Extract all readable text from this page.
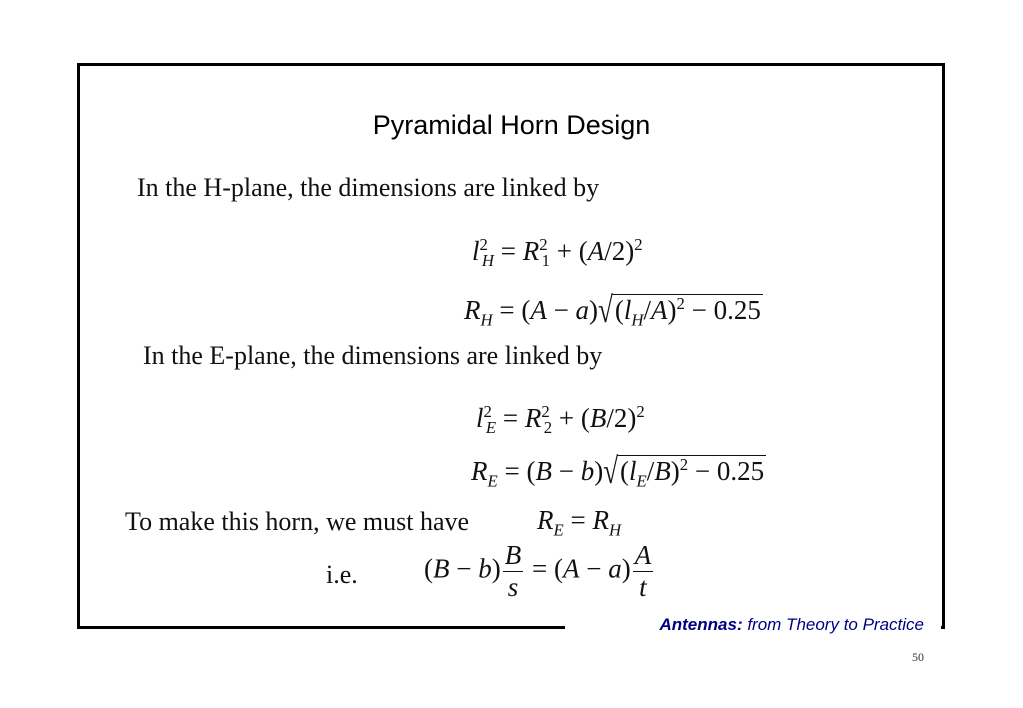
Pyramidal Horn Design
In the H-plane, the dimensions are linked by
$l^2_H = R^2_1 + (A/2)^2$
$R_H = (A - a)√(l_H/A)^2 - 0.25$
In the E-plane, the dimensions are linked by
$l^2_E = R^2_2 + (B/2)^2$
$R_E = (B - b)√(l_E/B)^2 - 0.25$
To make this horn, we must have	$R_E = R_H$
i.e. $(B - b) \frac{B}{s} = (A - a) \frac{A}{t}$
Antennas: from Theory to Practice
50
